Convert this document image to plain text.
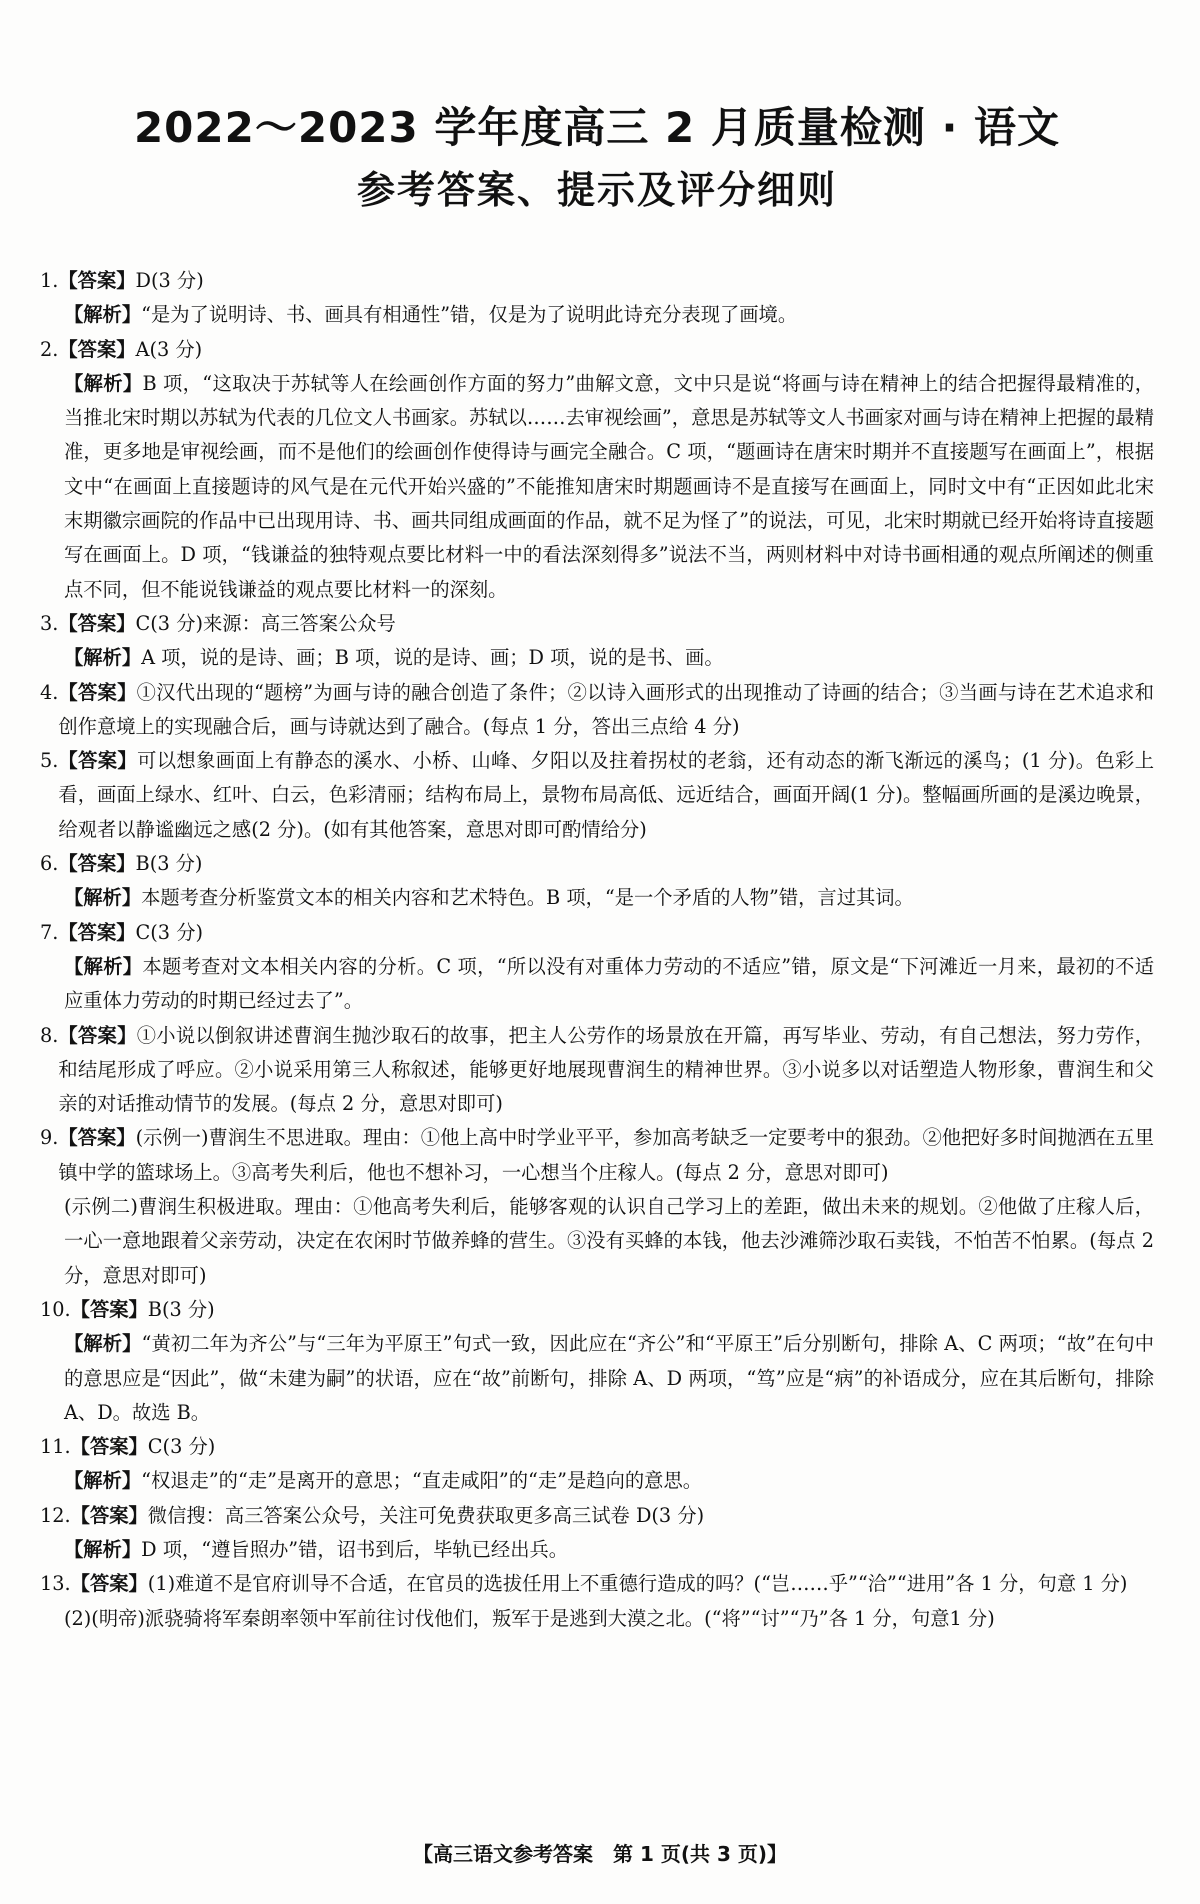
2022～2023 学年度高三 2 月质量检测 · 语文
参考答案、提示及评分细则
1. 【答案】D(3 分)
【解析】“是为了说明诗、书、画具有相通性”错，仅是为了说明此诗充分表现了画境。
2. 【答案】A(3 分)
【解析】B 项，“这取决于苏轼等人在绘画创作方面的努力”曲解文意，文中只是说“将画与诗在精神上的结合把握得最精准的，当推北宋时期以苏轼为代表的几位文人书画家。苏轼以……去审视绘画”，意思是苏轼等文人书画家对画与诗在精神上把握的最精准，更多地是审视绘画，而不是他们的绘画创作使得诗与画完全融合。C 项，“题画诗在唐宋时期并不直接题写在画面上”，根据文中“在画面上直接题诗的风气是在元代开始兴盛的”不能推知唐宋时期题画诗不是直接写在画面上，同时文中有“正因如此北宋末期徽宗画院的作品中已出现用诗、书、画共同组成画面的作品，就不足为怪了”的说法，可见，北宋时期就已经开始将诗直接题写在画面上。D 项，“钱谦益的独特观点要比材料一中的看法深刻得多”说法不当，两则材料中对诗书画相通的观点所阐述的侧重点不同，但不能说钱谦益的观点要比材料一的深刻。
3. 【答案】C(3 分)来源：高三答案公众号
【解析】A 项，说的是诗、画；B 项，说的是诗、画；D 项，说的是书、画。
4. 【答案】①汉代出现的“题榜”为画与诗的融合创造了条件；②以诗入画形式的出现推动了诗画的结合；③当画与诗在艺术追求和创作意境上的实现融合后，画与诗就达到了融合。(每点 1 分，答出三点给 4 分)
5. 【答案】可以想象画面上有静态的溪水、小桥、山峰、夕阳以及拄着拐杖的老翁，还有动态的渐飞渐远的溪鸟；(1 分)。色彩上看，画面上绿水、红叶、白云，色彩清丽；结构布局上，景物布局高低、远近结合，画面开阔(1 分)。整幅画所画的是溪边晚景，给观者以静谧幽远之感(2 分)。(如有其他答案，意思对即可酌情给分)
6. 【答案】B(3 分)
【解析】本题考查分析鉴赏文本的相关内容和艺术特色。B 项，“是一个矛盾的人物”错，言过其词。
7. 【答案】C(3 分)
【解析】本题考查对文本相关内容的分析。C 项，“所以没有对重体力劳动的不适应”错，原文是“下河滩近一月来，最初的不适应重体力劳动的时期已经过去了”。
8. 【答案】①小说以倒叙讲述曹润生抛沙取石的故事，把主人公劳作的场景放在开篇，再写毕业、劳动，有自己想法，努力劳作，和结尾形成了呼应。②小说采用第三人称叙述，能够更好地展现曹润生的精神世界。③小说多以对话塑造人物形象，曹润生和父亲的对话推动情节的发展。(每点 2 分，意思对即可)
9. 【答案】(示例一)曹润生不思进取。理由：①他上高中时学业平平，参加高考缺乏一定要考中的狠劲。②他把好多时间抛洒在五里镇中学的篮球场上。③高考失利后，他也不想补习，一心想当个庄稼人。(每点 2 分，意思对即可)
(示例二)曹润生积极进取。理由：①他高考失利后，能够客观的认识自己学习上的差距，做出未来的规划。②他做了庄稼人后，一心一意地跟着父亲劳动，决定在农闲时节做养蜂的营生。③没有买蜂的本钱，他去沙滩筛沙取石卖钱，不怕苦不怕累。(每点 2 分，意思对即可)
10. 【答案】B(3 分)
【解析】“黄初二年为齐公”与“三年为平原王”句式一致，因此应在“齐公”和“平原王”后分别断句，排除 A、C 两项；“故”在句中的意思应是“因此”，做“未建为嗣”的状语，应在“故”前断句，排除 A、D 两项，“笃”应是“病”的补语成分，应在其后断句，排除 A、D。故选 B。
11. 【答案】C(3 分)
【解析】“权退走”的“走”是离开的意思；“直走咸阳”的“走”是趋向的意思。
12. 【答案】微信搜：高三答案公众号，关注可免费获取更多高三试卷 D(3 分)
【解析】D 项，“遵旨照办”错，诏书到后，毕轨已经出兵。
13. 【答案】(1)难道不是官府训导不合适，在官员的选拔任用上不重德行造成的吗？(“岂……乎”“洽”“进用”各 1 分，句意 1 分)
(2)(明帝)派骁骑将军秦朗率领中军前往讨伐他们，叛军于是逃到大漠之北。(“将”“讨”“乃”各 1 分，句意1 分)
【高三语文参考答案　第 1 页(共 3 页)】
